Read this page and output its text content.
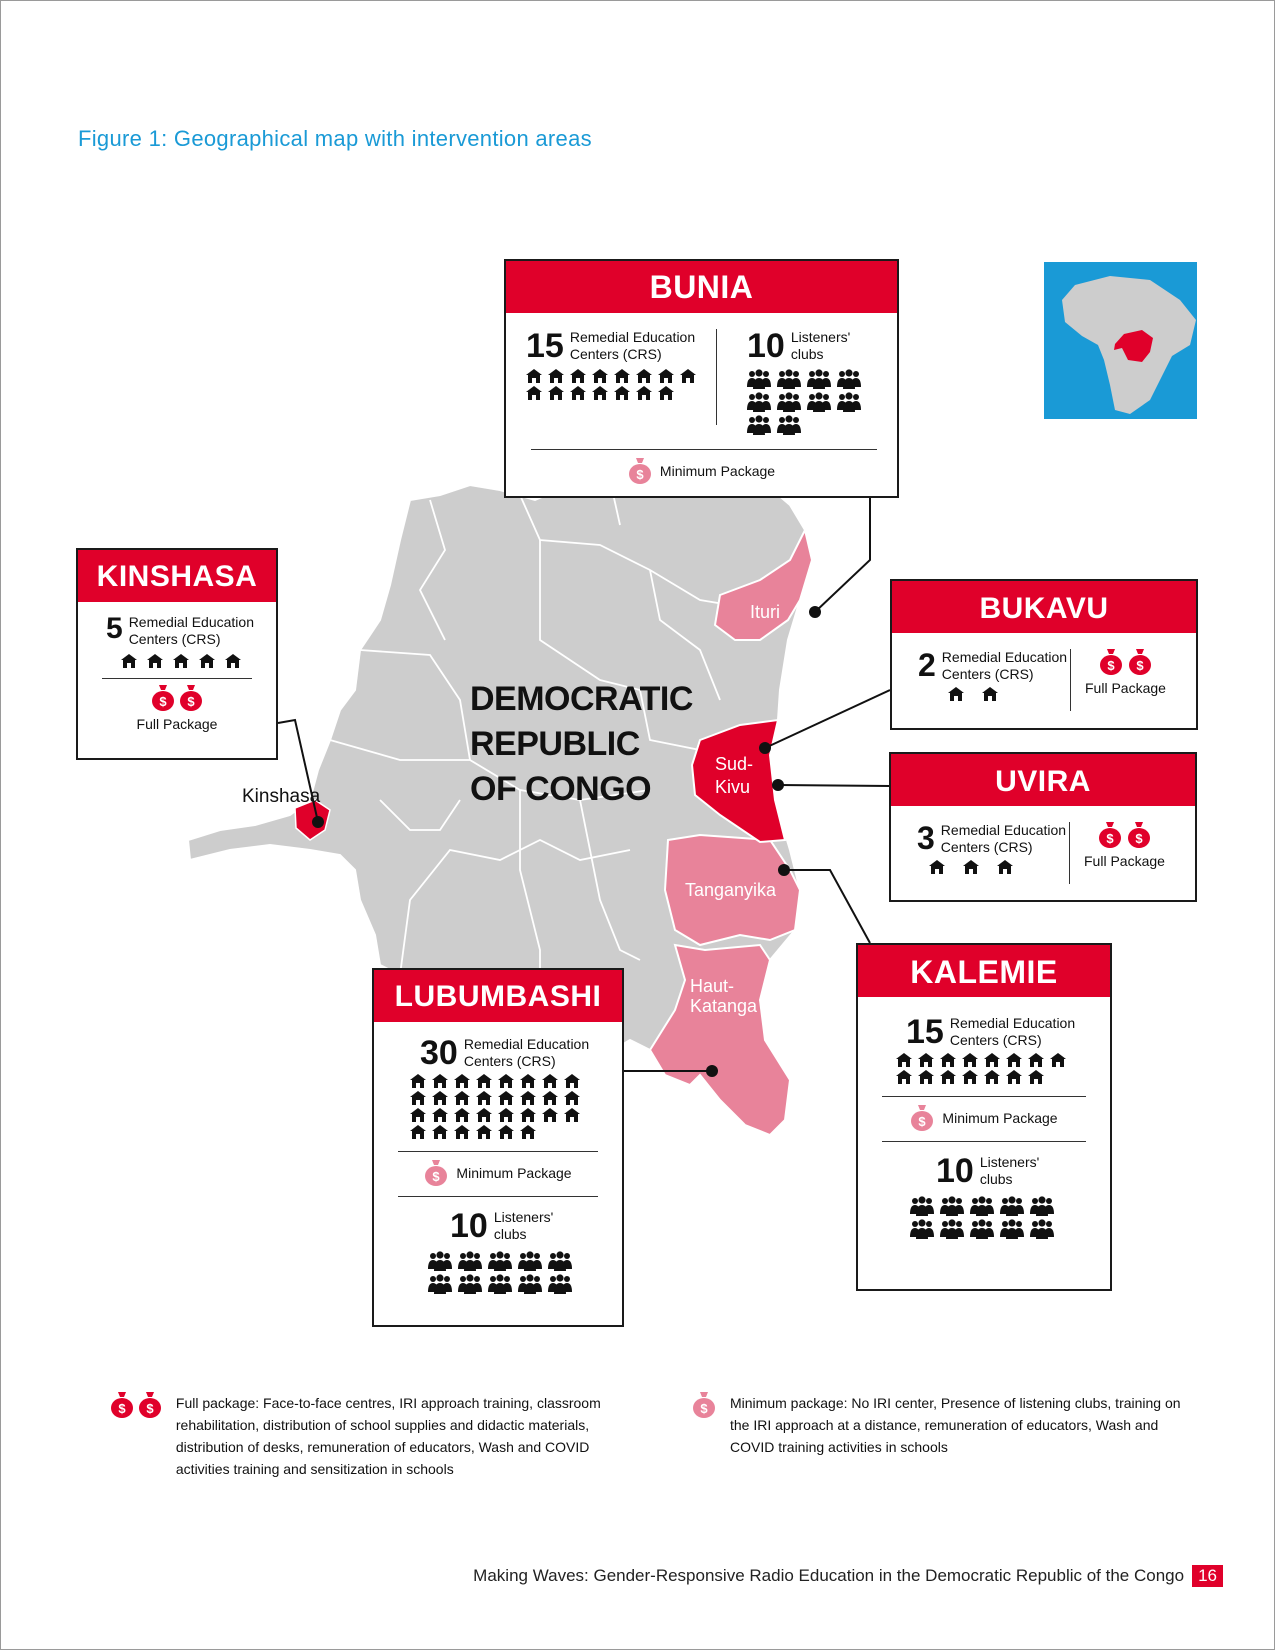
Figure 1: Geographical map with intervention areas
UGANDA
CONGO
ANGOLA
ZAMBIA
DEMOCRATIC
REPUBLIC
OF CONGO
Ituri
Sud-
Kivu
Tanganyika
Haut-
Katanga
Kinshasa
BUNIA
15 Remedial Education
Centers (CRS)	10 Listeners'
clubs
Minimum Package
KINSHASA
5 Remedial Education
Centers (CRS)

Full Package
BUKAVU
2 Remedial Education
Centers (CRS)

Full Package
UVIRA
3 Remedial Education
Centers (CRS)

Full Package
KALEMIE
15 Remedial Education
Centers (CRS)
Minimum Package
10 Listeners'
clubs
LUBUMBASHI
30 Remedial Education
Centers (CRS)
Minimum Package
10 Listeners'
clubs

Full package: Face-to-face centres, IRI approach training, classroom rehabilitation, distribution of school supplies and didactic materials, distribution of desks, remuneration of educators, Wash and COVID activities training and sensitization in schools
Minimum package: No IRI center, Presence of listening clubs, training on the IRI approach at a distance, remuneration of educators, Wash and COVID training activities in schools
Making Waves: Gender-Responsive Radio Education in the Democratic Republic of the Congo 16
